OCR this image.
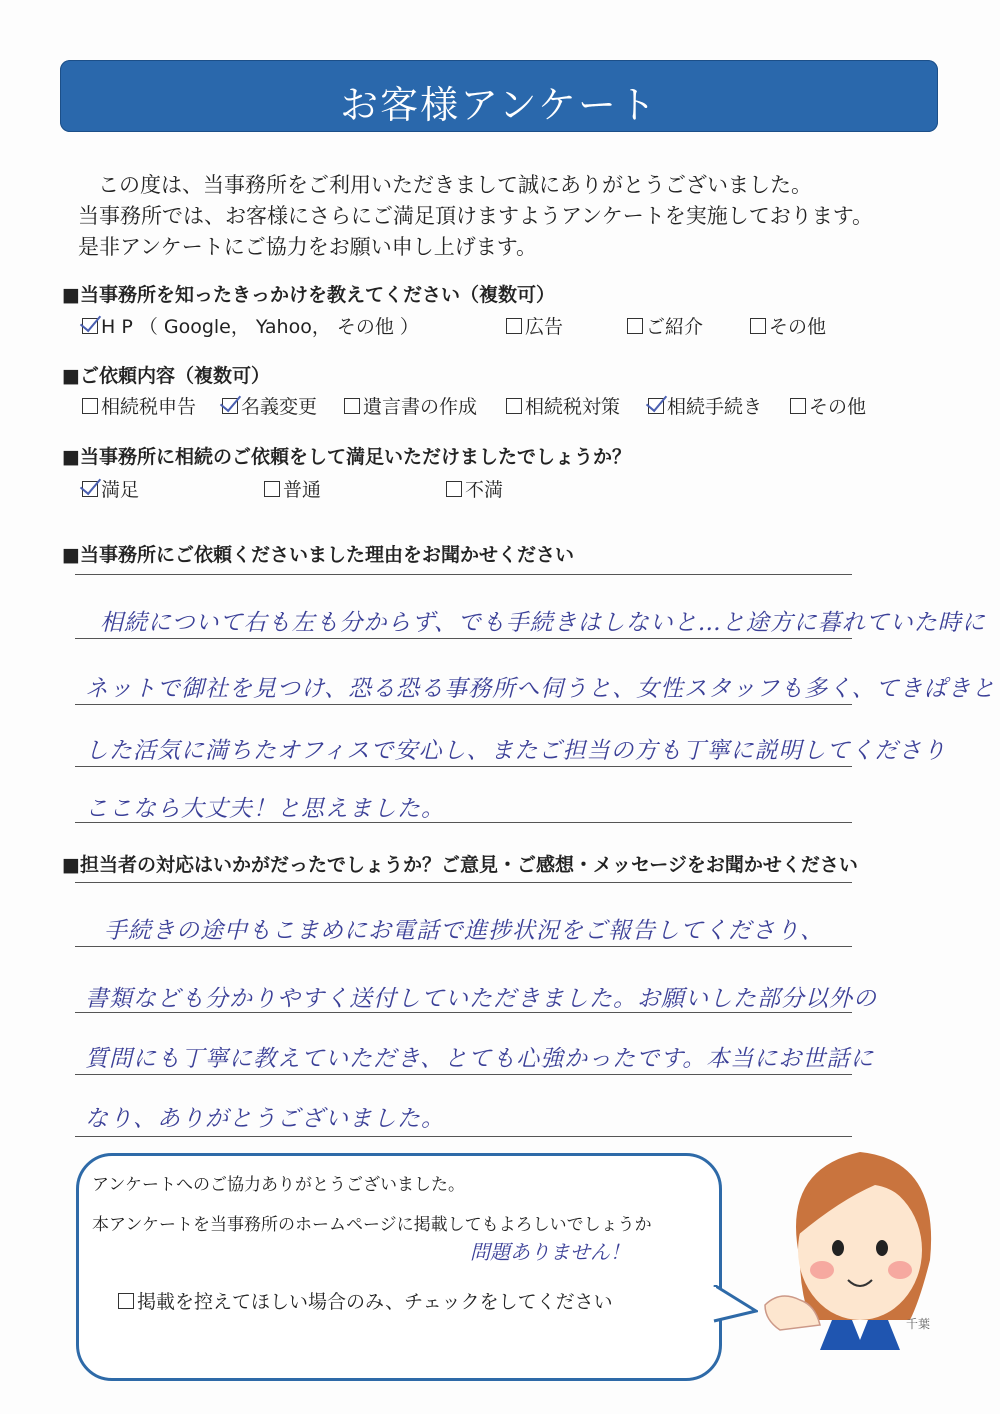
お客様アンケート
この度は、当事務所をご利用いただきまして誠にありがとうございました。
当事務所では、お客様にさらにご満足頂けますようアンケートを実施しております。
是非アンケートにご協力をお願い申し上げます。
■当事務所を知ったきっかけを教えてください（複数可）
H P （ Google， Yahoo， その他 ）	広告	ご紹介	その他
■ご依頼内容（複数可）
相続税申告	名義変更	遺言書の作成	相続税対策	相続手続き	その他
■当事務所に相続のご依頼をして満足いただけましたでしょうか？
満足	普通	不満
■当事務所にご依頼くださいました理由をお聞かせください
相続について右も左も分からず、でも手続きはしないと…と途方に暮れていた時に
ネットで御社を見つけ、恐る恐る事務所へ伺うと、女性スタッフも多く、てきぱきと
した活気に満ちたオフィスで安心し、またご担当の方も丁寧に説明してくださり
ここなら大丈夫！と思えました。
■担当者の対応はいかがだったでしょうか？ご意見・ご感想・メッセージをお聞かせください
手続きの途中もこまめにお電話で進捗状況をご報告してくださり、
書類なども分かりやすく送付していただきました。お願いした部分以外の
質問にも丁寧に教えていただき、とても心強かったです。本当にお世話に
なり、ありがとうございました。
アンケートへのご協力ありがとうございました。
本アンケートを当事務所のホームページに掲載してもよろしいでしょうか
問題ありません！
掲載を控えてほしい場合のみ、チェックをしてください
千葉
